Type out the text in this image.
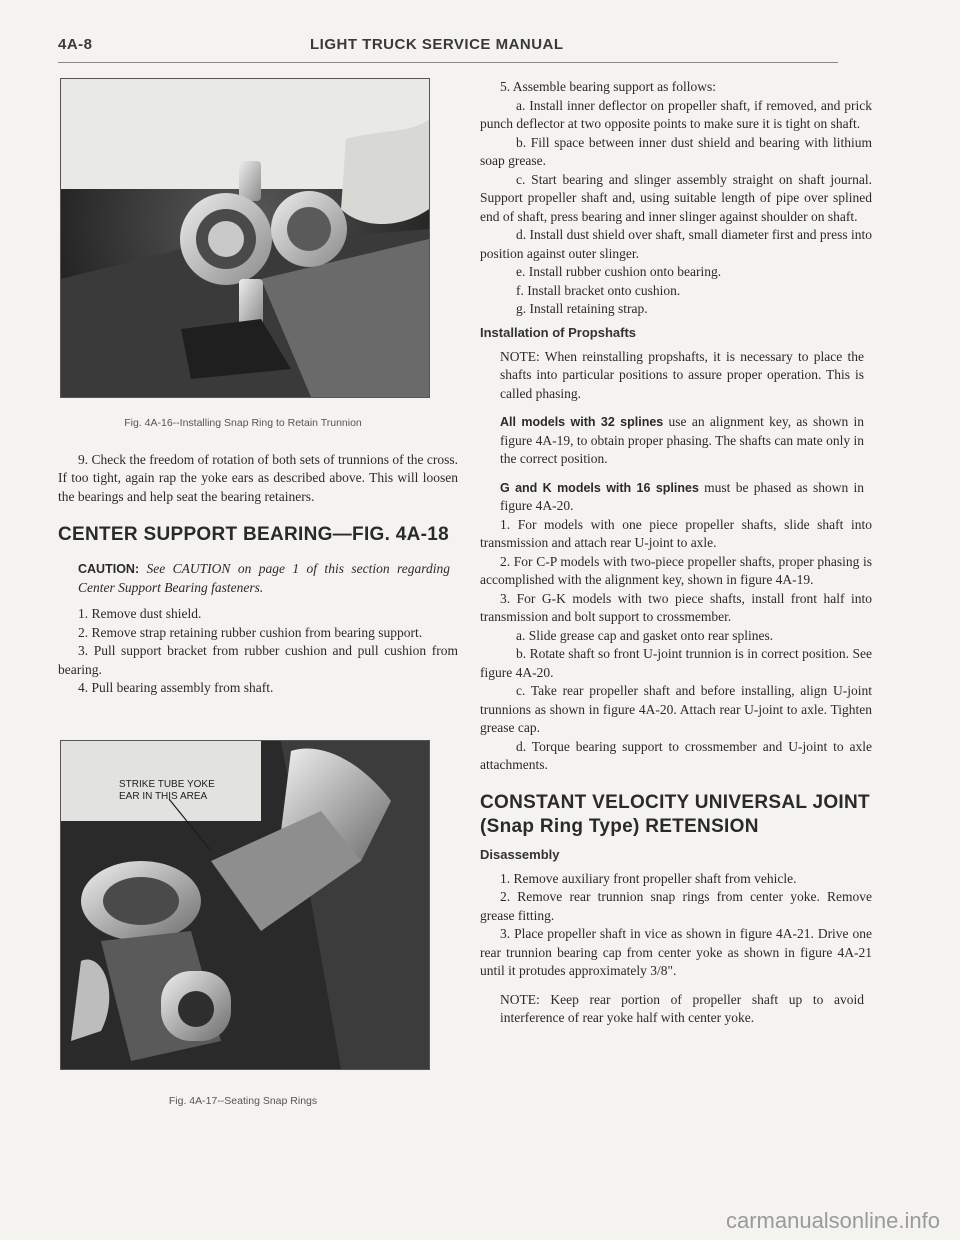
4A-8	LIGHT TRUCK SERVICE MANUAL

Fig. 4A-16--Installing Snap Ring to Retain Trunnion

9. Check the freedom of rotation of both sets of trunnions of the cross. If too tight, again rap the yoke ears as described above. This will loosen the bearings and help seat the bearing retainers.

CENTER SUPPORT BEARING—FIG. 4A-18

CAUTION: See CAUTION on page 1 of this section regarding Center Support Bearing fasteners.

1. Remove dust shield.

2. Remove strap retaining rubber cushion from bearing support.

3. Pull support bracket from rubber cushion and pull cushion from bearing.

4. Pull bearing assembly from shaft.

STRIKE TUBE YOKE
EAR IN THIS AREA

Fig. 4A-17--Seating Snap Rings

5. Assemble bearing support as follows:

a. Install inner deflector on propeller shaft, if removed, and prick punch deflector at two opposite points to make sure it is tight on shaft.

b. Fill space between inner dust shield and bearing with lithium soap grease.

c. Start bearing and slinger assembly straight on shaft journal. Support propeller shaft and, using suitable length of pipe over splined end of shaft, press bearing and inner slinger against shoulder on shaft.

d. Install dust shield over shaft, small diameter first and press into position against outer slinger.

e. Install rubber cushion onto bearing.

f. Install bracket onto cushion.

g. Install retaining strap.

Installation of Propshafts

NOTE: When reinstalling propshafts, it is necessary to place the shafts into particular positions to assure proper operation. This is called phasing.

All models with 32 splines use an alignment key, as shown in figure 4A-19, to obtain proper phasing. The shafts can mate only in the correct position.

G and K models with 16 splines must be phased as shown in figure 4A-20.

1. For models with one piece propeller shafts, slide shaft into transmission and attach rear U-joint to axle.

2. For C-P models with two-piece propeller shafts, proper phasing is accomplished with the alignment key, shown in figure 4A-19.

3. For G-K models with two piece shafts, install front half into transmission and bolt support to crossmember.

a. Slide grease cap and gasket onto rear splines.

b. Rotate shaft so front U-joint trunnion is in correct position. See figure 4A-20.

c. Take rear propeller shaft and before installing, align U-joint trunnions as shown in figure 4A-20. Attach rear U-joint to axle. Tighten grease cap.

d. Torque bearing support to crossmember and U-joint to axle attachments.

CONSTANT VELOCITY UNIVERSAL JOINT
(Snap Ring Type) RETENSION
Disassembly

1. Remove auxiliary front propeller shaft from vehicle.

2. Remove rear trunnion snap rings from center yoke. Remove grease fitting.

3. Place propeller shaft in vice as shown in figure 4A-21. Drive one rear trunnion bearing cap from center yoke as shown in figure 4A-21 until it protudes approximately 3/8".

NOTE: Keep rear portion of propeller shaft up to avoid interference of rear yoke half with center yoke.

carmanualsonline.info
